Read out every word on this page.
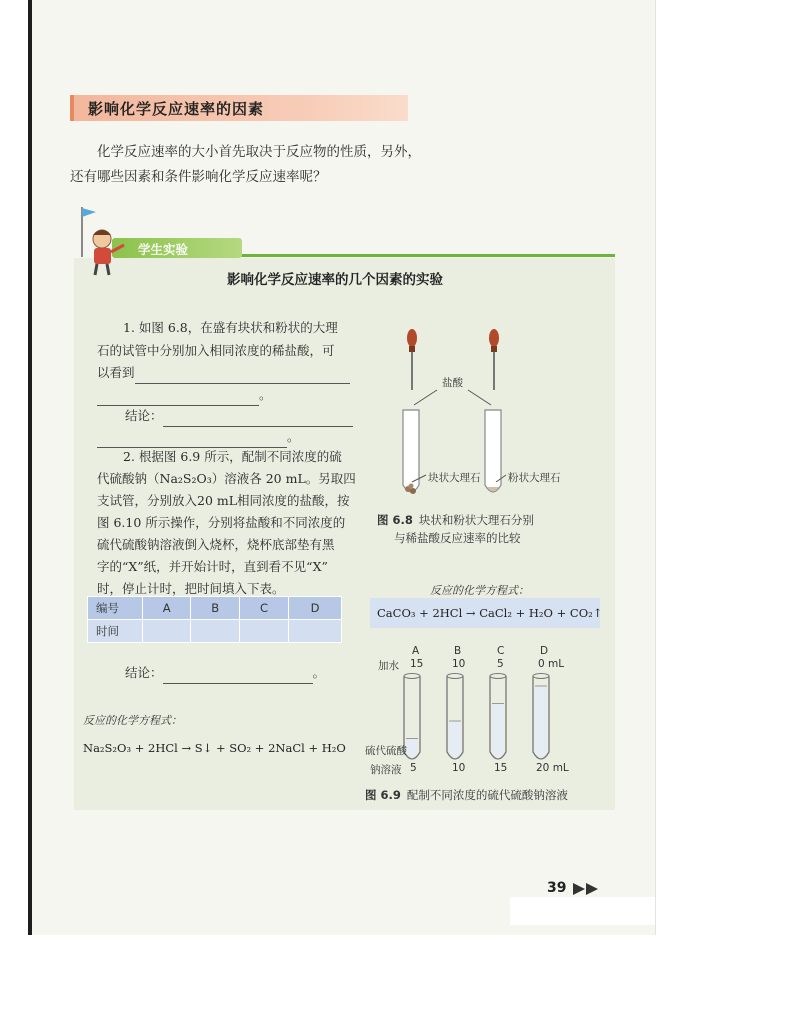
影响化学反应速率的因素
化学反应速率的大小首先取决于反应物的性质，另外，
还有哪些因素和条件影响化学反应速率呢？
学生实验
影响化学反应速率的几个因素的实验
1. 如图 6.8，在盛有块状和粉状的大理
石的试管中分别加入相同浓度的稀盐酸，可
以看到
。
结论：
。
2. 根据图 6.9 所示，配制不同浓度的硫
代硫酸钠（Na₂S₂O₃）溶液各 20 mL。另取四
支试管，分别放入20 mL相同浓度的盐酸，按
图 6.10 所示操作，分别将盐酸和不同浓度的
硫代硫酸钠溶液倒入烧杯，烧杯底部垫有黑
字的“X”纸，并开始计时，直到看不见“X”
时，停止计时，把时间填入下表。
编号	A	B	C	D
时间				
结论：	。
反应的化学方程式：
Na₂S₂O₃ + 2HCl → S↓ + SO₂ + 2NaCl + H₂O
盐酸
块状大理石	粉状大理石
图 6.8 块状和粉状大理石分别
与稀盐酸反应速率的比较
反应的化学方程式：
CaCO₃ + 2HCl → CaCl₂ + H₂O + CO₂↑
A	B	C	D
加水 15	10	5	0 mL
硫代硫酸
钠溶液 5	10	15	20 mL
图 6.9 配制不同浓度的硫代硫酸钠溶液
39
